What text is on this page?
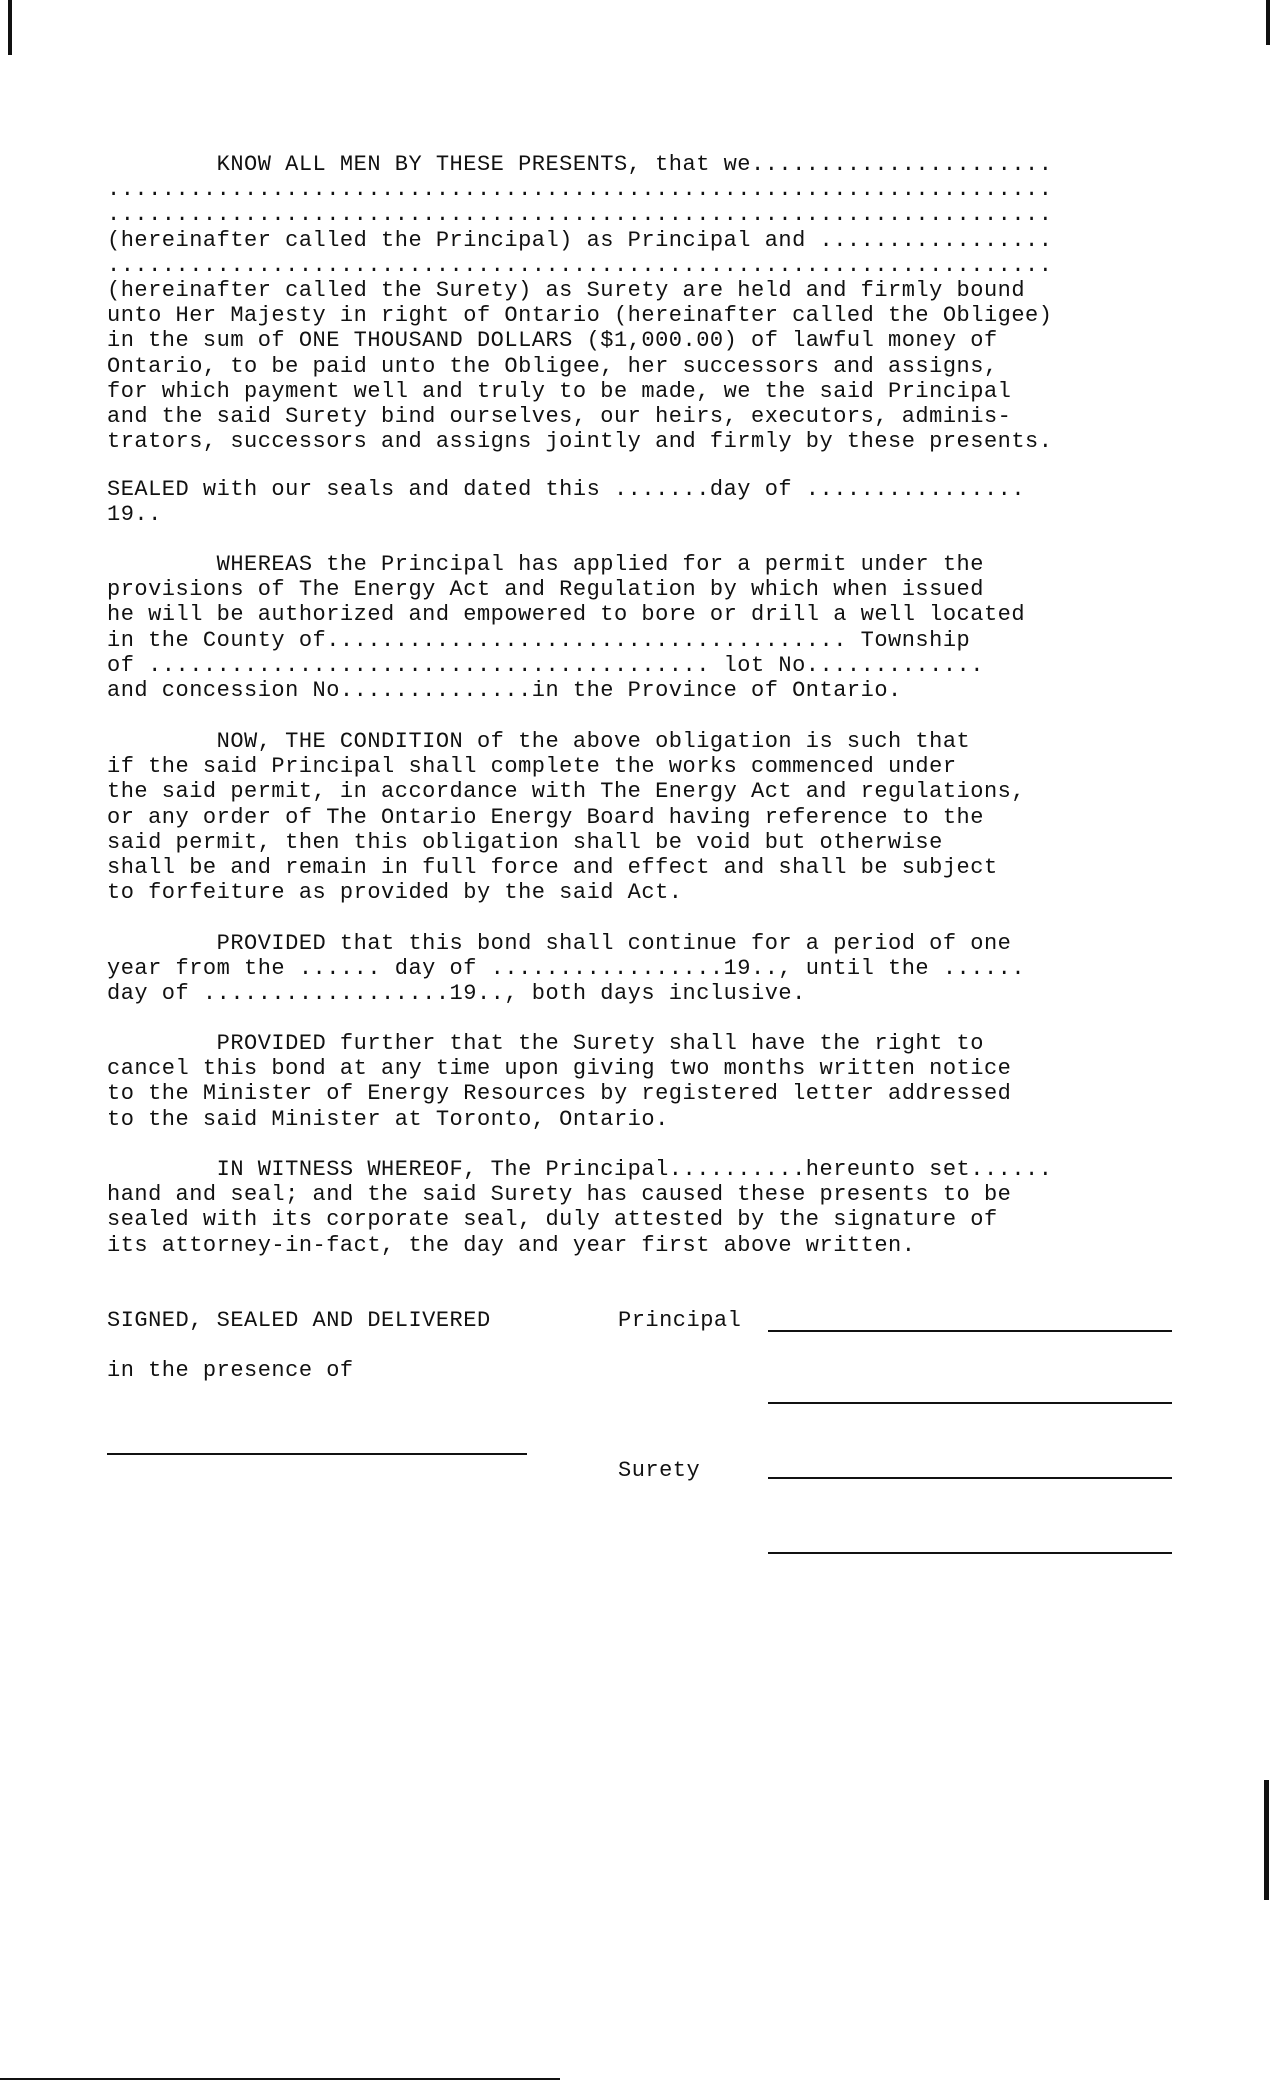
KNOW ALL MEN BY THESE PRESENTS, that we......................
.....................................................................
.....................................................................
(hereinafter called the Principal) as Principal and .................
.....................................................................
(hereinafter called the Surety) as Surety are held and firmly bound
unto Her Majesty in right of Ontario (hereinafter called the Obligee)
in the sum of ONE THOUSAND DOLLARS ($1,000.00) of lawful money of
Ontario, to be paid unto the Obligee, her successors and assigns,
for which payment well and truly to be made, we the said Principal
and the said Surety bind ourselves, our heirs, executors, adminis-
trators, successors and assigns jointly and firmly by these presents.
SEALED with our seals and dated this .......day of ................
19..
WHEREAS the Principal has applied for a permit under the
provisions of The Energy Act and Regulation by which when issued
he will be authorized and empowered to bore or drill a well located
in the County of...................................... Township
of ......................................... lot No.............
and concession No..............in the Province of Ontario.
NOW, THE CONDITION of the above obligation is such that
if the said Principal shall complete the works commenced under
the said permit, in accordance with The Energy Act and regulations,
or any order of The Ontario Energy Board having reference to the
said permit, then this obligation shall be void but otherwise
shall be and remain in full force and effect and shall be subject
to forfeiture as provided by the said Act.
PROVIDED that this bond shall continue for a period of one
year from the ...... day of .................19.., until the ......
day of ..................19.., both days inclusive.
PROVIDED further that the Surety shall have the right to
cancel this bond at any time upon giving two months written notice
to the Minister of Energy Resources by registered letter addressed
to the said Minister at Toronto, Ontario.
IN WITNESS WHEREOF, The Principal..........hereunto set......
hand and seal; and the said Surety has caused these presents to be
sealed with its corporate seal, duly attested by the signature of
its attorney-in-fact, the day and year first above written.
SIGNED, SEALED AND DELIVERED
in the presence of
Principal
Surety
